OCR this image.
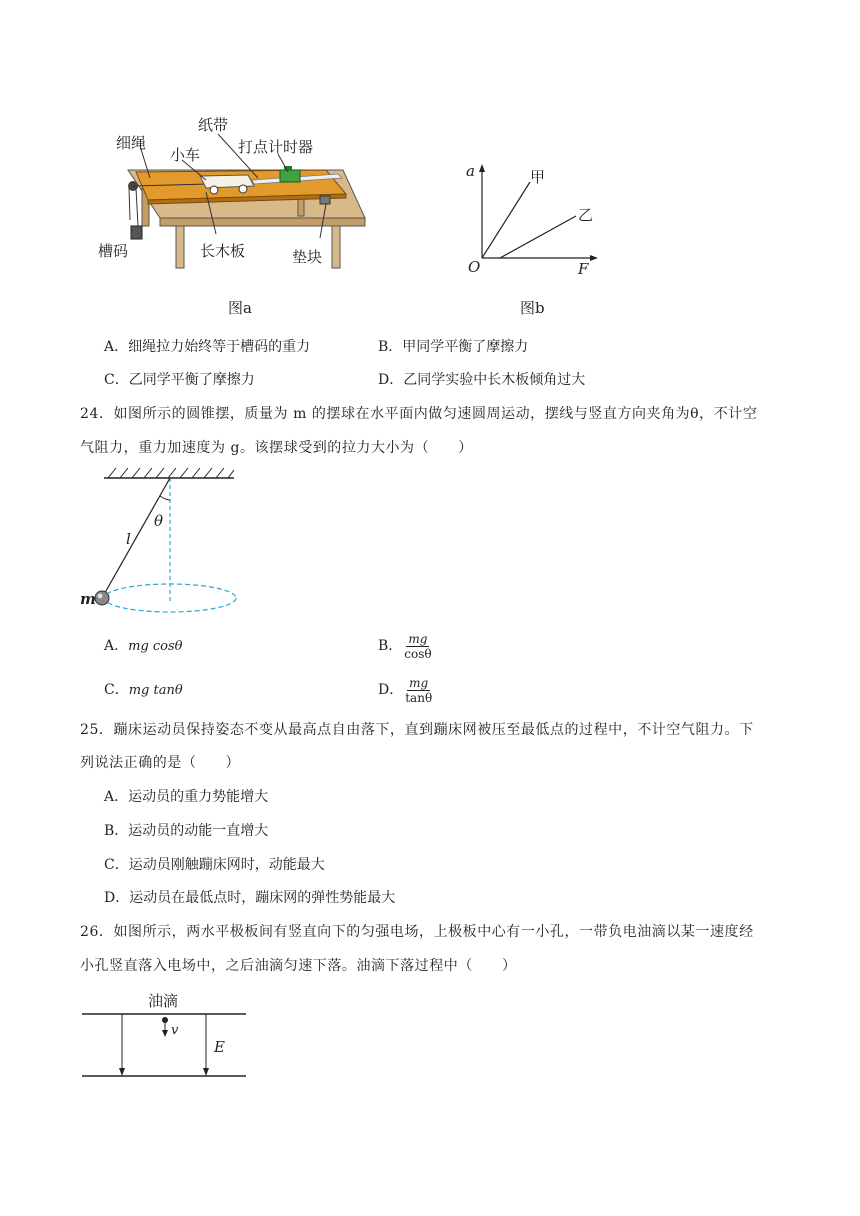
细绳
纸带
小车	打点计时器
槽码	长木板	垫块
图a
a
F
O
甲
乙
图b
A．细绳拉力始终等于槽码的重力	B．甲同学平衡了摩擦力
C．乙同学平衡了摩擦力	D．乙同学实验中长木板倾角过大
24．如图所示的圆锥摆，质量为 m 的摆球在水平面内做匀速圆周运动，摆线与竖直方向夹角为θ，不计空
气阻力，重力加速度为 g。该摆球受到的拉力大小为（　　）
θ
l
m
A．mg cosθ	B． $\frac{mg}{\cos\theta}$
C．mg tanθ	D． $\frac{mg}{\tan\theta}$
25．蹦床运动员保持姿态不变从最高点自由落下，直到蹦床网被压至最低点的过程中，不计空气阻力。下
列说法正确的是（　　）
A．运动员的重力势能增大
B．运动员的动能一直增大
C．运动员刚触蹦床网时，动能最大
D．运动员在最低点时，蹦床网的弹性势能最大
26．如图所示，两水平极板间有竖直向下的匀强电场，上极板中心有一小孔，一带负电油滴以某一速度经
小孔竖直落入电场中，之后油滴匀速下落。油滴下落过程中（　　）
油滴
v
E
